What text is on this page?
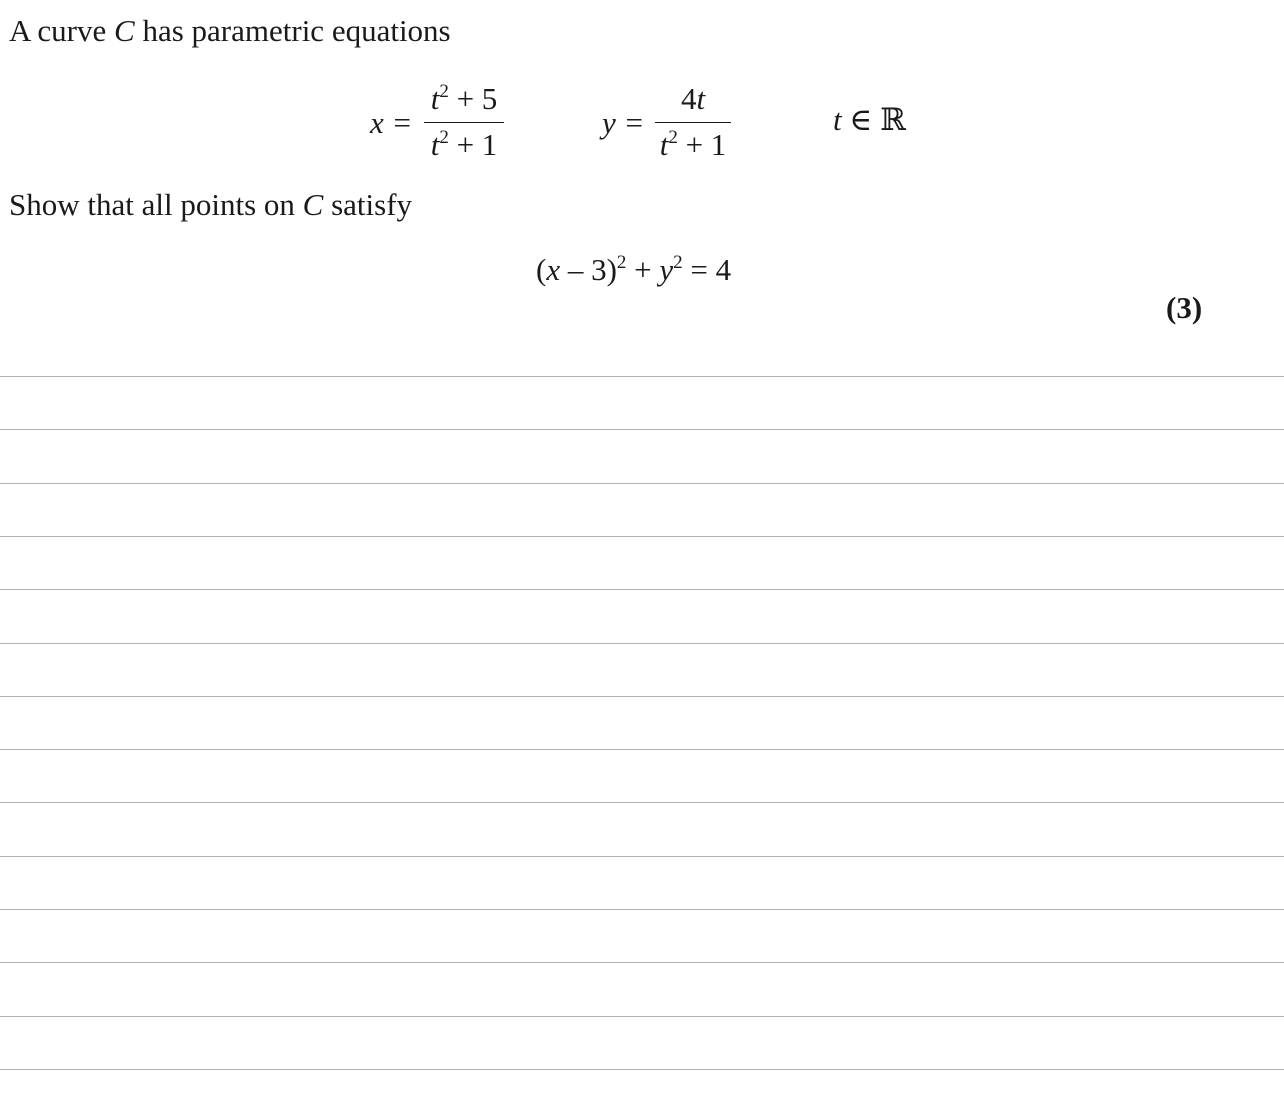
A curve C has parametric equations
x =
$t^2 + 5$
$t^2 + 1$
y =
4t
$t^2 + 1$
t ∈ ℝ
Show that all points on C satisfy
$(x - 3)^2 + y^2 = 4$
(3)
